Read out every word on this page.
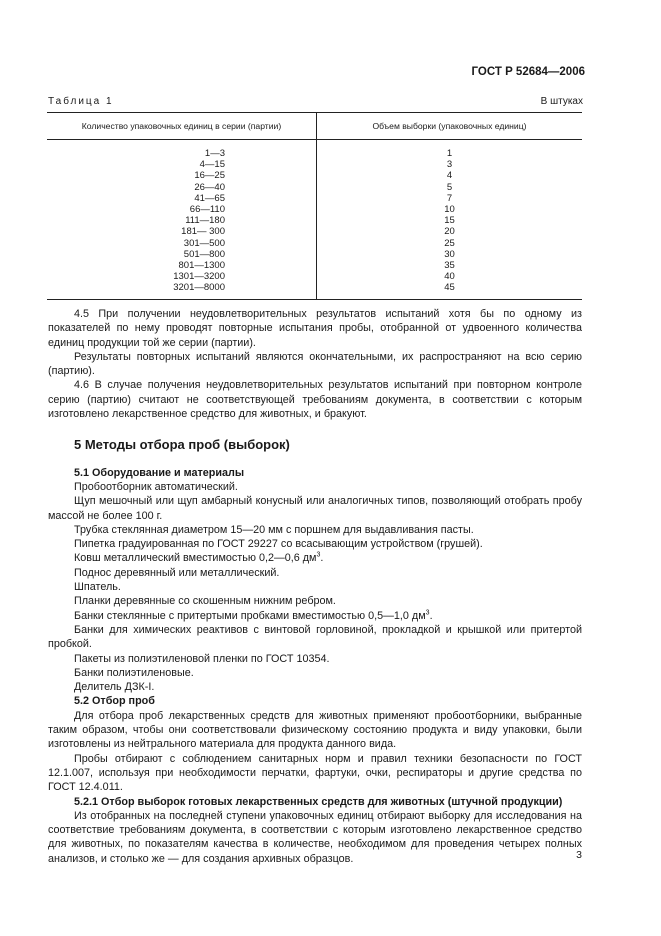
ГОСТ Р 52684—2006
Таблица 1	В штуках
Количество упаковочных единиц в серии (партии)	Объем выборки (упаковочных единиц)

1—3	1
4—15	3
16—25	4
26—40	5
41—65	7
66—110	10
111—180	15
181— 300	20
301—500	25
501—800	30
801—1300	35
1301—3200	40
3201—8000	45

4.5 При получении неудовлетворительных результатов испытаний хотя бы по одному из показателей по нему проводят повторные испытания пробы, отобранной от удвоенного количества единиц продукции той же серии (партии).

Результаты повторных испытаний являются окончательными, их распространяют на всю серию (партию).

4.6 В случае получения неудовлетворительных результатов испытаний при повторном контроле серию (партию) считают не соответствующей требованиям документа, в соответствии с которым изготовлено лекарственное средство для животных, и бракуют.

5 Методы отбора проб (выборок)
5.1 Оборудование и материалы

Пробоотборник автоматический.

Щуп мешочный или щуп амбарный конусный или аналогичных типов, позволяющий отобрать пробу массой не более 100 г.

Трубка стеклянная диаметром 15—20 мм с поршнем для выдавливания пасты.

Пипетка градуированная по ГОСТ 29227 со всасывающим устройством (грушей).

Ковш металлический вместимостью 0,2—0,6 $дм^3$.

Поднос деревянный или металлический.

Шпатель.

Планки деревянные со скошенным нижним ребром.

Банки стеклянные с притертыми пробками вместимостью 0,5—1,0 $дм^3$.

Банки для химических реактивов с винтовой горловиной, прокладкой и крышкой или притертой пробкой.

Пакеты из полиэтиленовой пленки по ГОСТ 10354.

Банки полиэтиленовые.

Делитель ДЗК-I.

5.2 Отбор проб

Для отбора проб лекарственных средств для животных применяют пробоотборники, выбранные таким образом, чтобы они соответствовали физическому состоянию продукта и виду упаковки, были изготовлены из нейтрального материала для продукта данного вида.

Пробы отбирают с соблюдением санитарных норм и правил техники безопасности по ГОСТ 12.1.007, используя при необходимости перчатки, фартуки, очки, респираторы и другие средства по ГОСТ 12.4.011.

5.2.1 Отбор выборок готовых лекарственных средств для животных (штучной продукции)

Из отобранных на последней ступени упаковочных единиц отбирают выборку для исследования на соответствие требованиям документа, в соответствии с которым изготовлено лекарственное средство для животных, по показателям качества в количестве, необходимом для проведения четырех полных анализов, и столько же — для создания архивных образцов.	3
